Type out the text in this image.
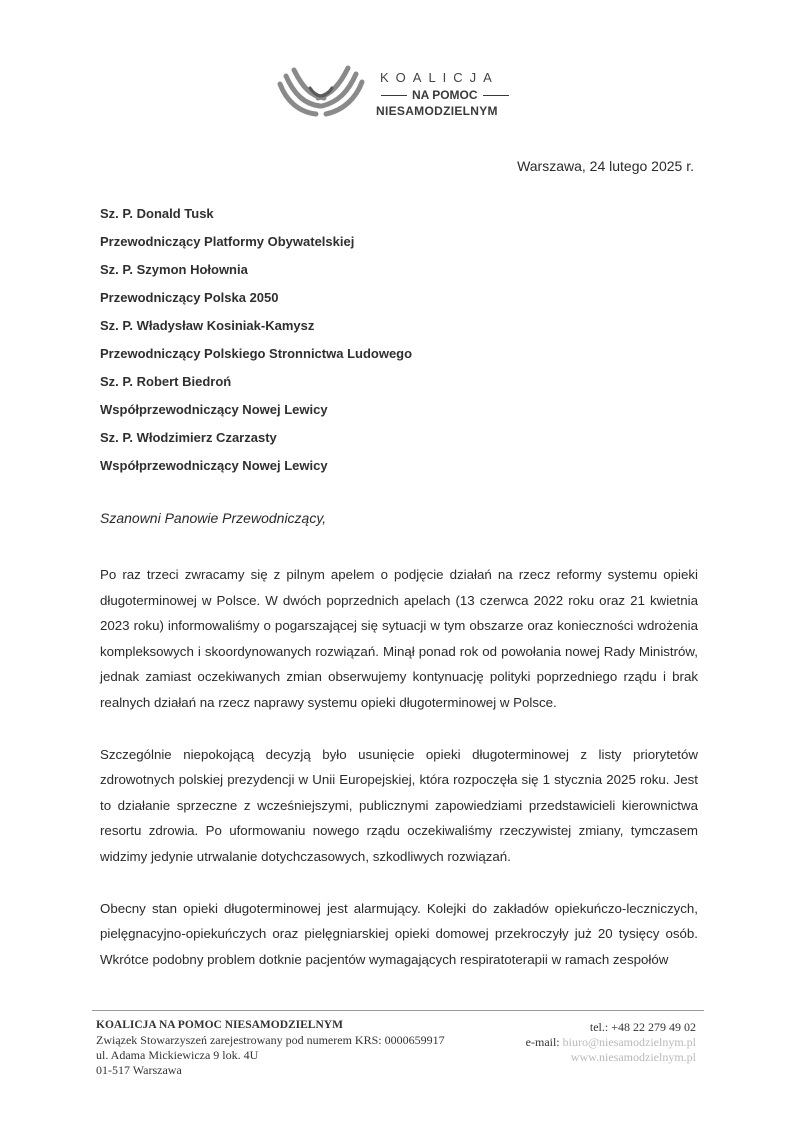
KOALICJA
NA POMOC
NIESAMODZIELNYM
Warszawa, 24 lutego 2025 r.
Sz. P. Donald Tusk
Przewodniczący Platformy Obywatelskiej
Sz. P. Szymon Hołownia
Przewodniczący Polska 2050
Sz. P. Władysław Kosiniak-Kamysz
Przewodniczący Polskiego Stronnictwa Ludowego
Sz. P. Robert Biedroń
Współprzewodniczący Nowej Lewicy
Sz. P. Włodzimierz Czarzasty
Współprzewodniczący Nowej Lewicy
Szanowni Panowie Przewodniczący,

Po raz trzeci zwracamy się z pilnym apelem o podjęcie działań na rzecz reformy systemu opieki długoterminowej w Polsce. W dwóch poprzednich apelach (13 czerwca 2022 roku oraz 21 kwietnia 2023 roku) informowaliśmy o pogarszającej się sytuacji w tym obszarze oraz konieczności wdrożenia kompleksowych i skoordynowanych rozwiązań. Minął ponad rok od powołania nowej Rady Ministrów, jednak zamiast oczekiwanych zmian obserwujemy kontynuację polityki poprzedniego rządu i brak realnych działań na rzecz naprawy systemu opieki długoterminowej w Polsce.

Szczególnie niepokojącą decyzją było usunięcie opieki długoterminowej z listy priorytetów zdrowotnych polskiej prezydencji w Unii Europejskiej, która rozpoczęła się 1 stycznia 2025 roku. Jest to działanie sprzeczne z wcześniejszymi, publicznymi zapowiedziami przedstawicieli kierownictwa resortu zdrowia. Po uformowaniu nowego rządu oczekiwaliśmy rzeczywistej zmiany, tymczasem widzimy jedynie utrwalanie dotychczasowych, szkodliwych rozwiązań.

Obecny stan opieki długoterminowej jest alarmujący. Kolejki do zakładów opiekuńczo-leczniczych, pielęgnacyjno-opiekuńczych oraz pielęgniarskiej opieki domowej przekroczyły już 20 tysięcy osób. Wkrótce podobny problem dotknie pacjentów wymagających respiratoterapii w ramach zespołów

KOALICJA NA POMOC NIESAMODZIELNYM
Związek Stowarzyszeń zarejestrowany pod numerem KRS: 0000659917
ul. Adama Mickiewicza 9 lok. 4U
01-517 Warszawa
tel.: +48 22 279 49 02
e-mail: biuro@niesamodzielnym.pl
www.niesamodzielnym.pl
